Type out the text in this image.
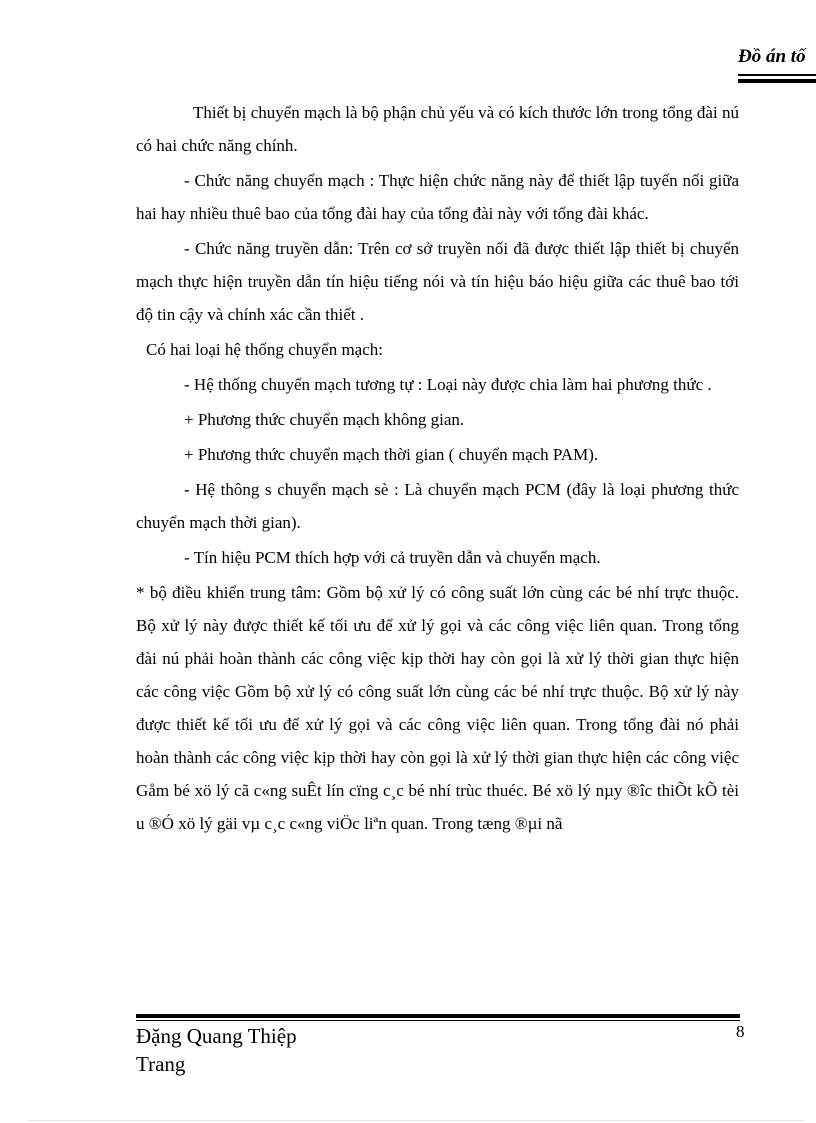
Đồ án tố

Thiết bị chuyển mạch là bộ phận chủ yếu và có kích thước lớn trong tổng đài nú có hai chức năng chính.

- Chức năng chuyển mạch : Thực hiện chức năng này để thiết lập tuyến nối giữa hai hay nhiều thuê bao của tổng đài hay của tổng đài này với tổng đài khác.

- Chức năng truyền dẫn: Trên cơ sở truyền nối đã được thiết lập thiết bị chuyển mạch thực hiện truyền dẫn tín hiệu tiếng nói và tín hiệu báo hiệu giữa các thuê bao tới độ tin cậy và chính xác cần thiết .

Có hai loại hệ thống chuyển mạch:

- Hệ thống chuyển mạch tương tự : Loại này được chia làm hai phương thức .

+ Phương thức chuyển mạch không gian.

+ Phương thức chuyển mạch thời gian ( chuyển mạch PAM).

- Hệ thông s chuyển mạch sè : Là chuyển mạch PCM (đây là loại phương thức chuyển mạch thời gian).

- Tín hiệu PCM thích hợp với cả truyền dẫn và chuyển mạch.

* bộ điều khiển trung tâm: Gồm bộ xử lý có công suất lớn cùng các bé nhí trực thuộc. Bộ xử lý này được thiết kế tối ưu để xử lý gọi và các công việc liên quan. Trong tổng đài nú phải hoàn thành các công việc kịp thời hay còn gọi là xử lý thời gian thực hiện các công việc Gồm bộ xử lý có công suất lớn cùng các bé nhí trực thuộc. Bộ xử lý này được thiết kế tối ưu để xử lý gọi và các công việc liên quan. Trong tổng đài nó phải hoàn thành các công việc kịp thời hay còn gọi là xử lý thời gian thực hiện các công việc Gåm bé xö lý cã c«ng suÊt lín cïng c¸c bé nhí trùc thuéc. Bé xö lý nµy ®îc thiÕt kÕ tèi u ®Ó xö lý gäi vµ c¸c c«ng viÖc liªn quan. Trong tæng ®µi nã

Đặng Quang Thiệp
Trang
8
